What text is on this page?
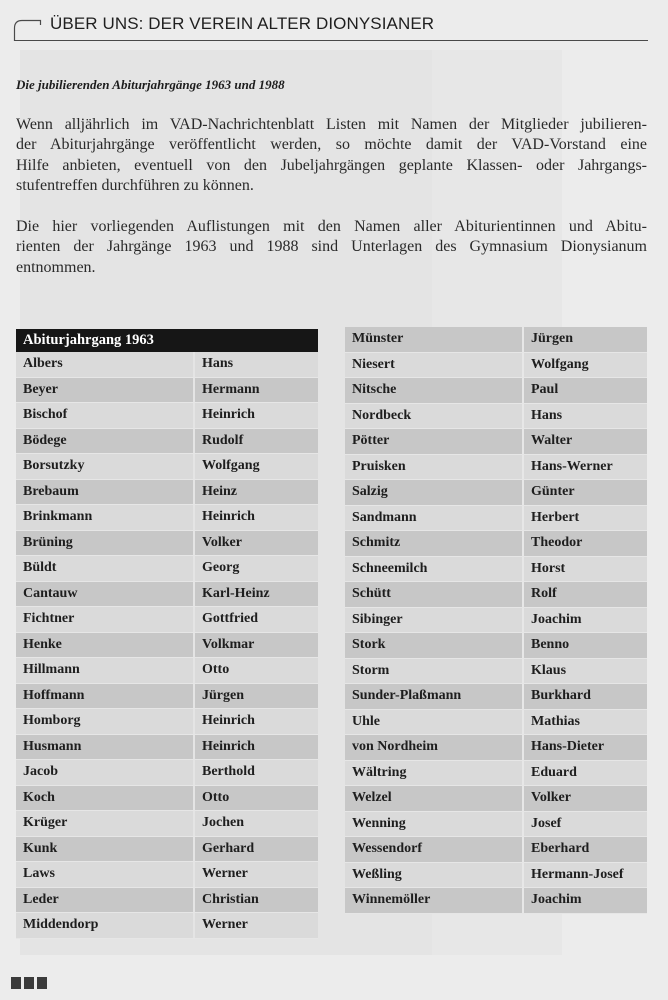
ÜBER UNS: DER VEREIN ALTER DIONYSIANER
Die jubilierenden Abiturjahrgänge 1963 und 1988
Wenn alljährlich im VAD-Nachrichtenblatt Listen mit Namen der Mitglieder jubilieren-
der Abiturjahrgänge veröffentlicht werden, so möchte damit der VAD-Vorstand eine
Hilfe anbieten, eventuell von den Jubeljahrgängen geplante Klassen- oder Jahrgangs-
stufentreffen durchführen zu können.
Die hier vorliegenden Auflistungen mit den Namen aller Abiturientinnen und Abitu-
rienten der Jahrgänge 1963 und 1988 sind Unterlagen des Gymnasium Dionysianum
entnommen.
Abiturjahrgang 1963
Albers	Hans
Beyer	Hermann
Bischof	Heinrich
Bödege	Rudolf
Borsutzky	Wolfgang
Brebaum	Heinz
Brinkmann	Heinrich
Brüning	Volker
Büldt	Georg
Cantauw	Karl-Heinz
Fichtner	Gottfried
Henke	Volkmar
Hillmann	Otto
Hoffmann	Jürgen
Homborg	Heinrich
Husmann	Heinrich
Jacob	Berthold
Koch	Otto
Krüger	Jochen
Kunk	Gerhard
Laws	Werner
Leder	Christian
Middendorp	Werner
Münster	Jürgen
Niesert	Wolfgang
Nitsche	Paul
Nordbeck	Hans
Pötter	Walter
Pruisken	Hans-Werner
Salzig	Günter
Sandmann	Herbert
Schmitz	Theodor
Schneemilch	Horst
Schütt	Rolf
Sibinger	Joachim
Stork	Benno
Storm	Klaus
Sunder-Plaßmann	Burkhard
Uhle	Mathias
von Nordheim	Hans-Dieter
Wältring	Eduard
Welzel	Volker
Wenning	Josef
Wessendorf	Eberhard
Weßling	Hermann-Josef
Winnemöller	Joachim
